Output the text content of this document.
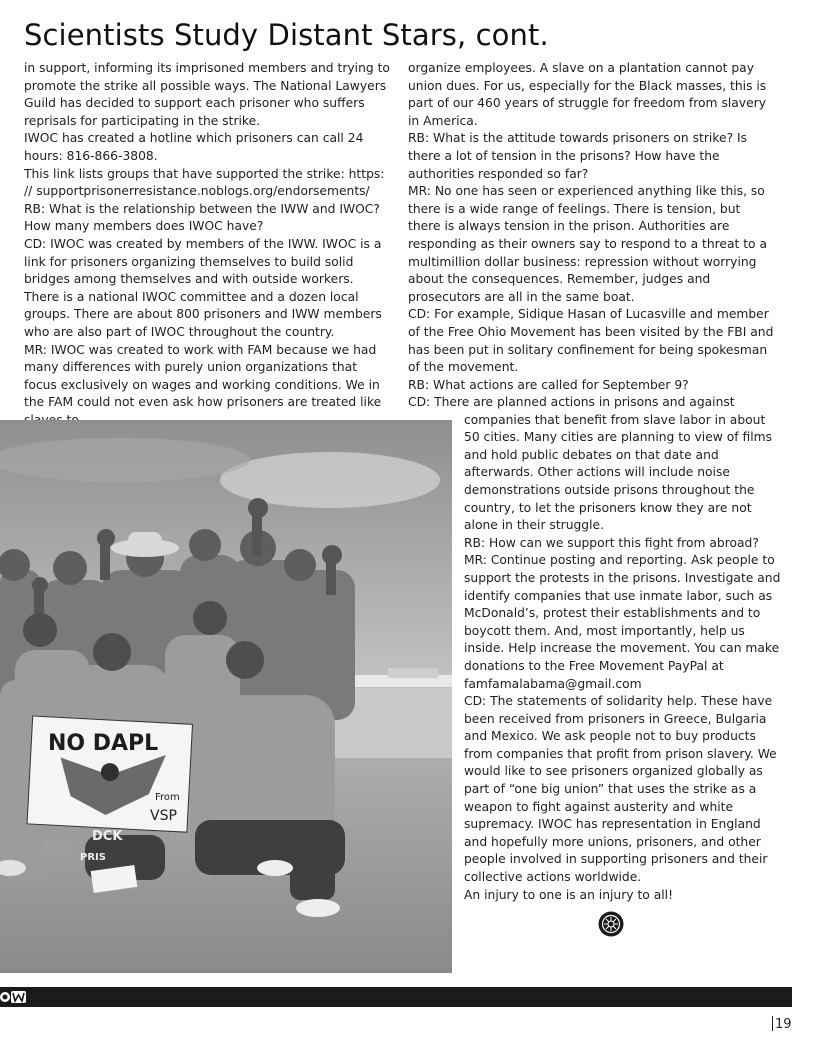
Scientists Study Distant Stars, cont.

in support, informing its imprisoned members and trying to promote the strike all possible ways. The National Lawyers Guild has decided to support each prisoner who suffers reprisals for participating in the strike.

IWOC has created a hotline which prisoners can call 24 hours: 816-866-3808.

This link lists groups that have supported the strike: https: // supportprisonerresistance.noblogs.org/endorsements/

RB: What is the relationship between the IWW and IWOC? How many members does IWOC have?

CD: IWOC was created by members of the IWW. IWOC is a link for prisoners organizing themselves to build solid bridges among themselves and with outside workers. There is a national IWOC committee and a dozen local groups. There are about 800 prisoners and IWW members who are also part of IWOC throughout the country.

MR: IWOC was created to work with FAM because we had many differences with purely union organizations that focus exclusively on wages and working conditions. We in the FAM could not even ask how prisoners are treated like

organize employees. A slave on a plantation cannot pay union dues. For us, especially for the Black masses, this is part of our 460 years of struggle for freedom from slavery in America.

RB: What is the attitude towards prisoners on strike? Is there a lot of tension in the prisons? How have the authorities responded so far?

MR: No one has seen or experienced anything like this, so there is a wide range of feelings. There is tension, but there is always tension in the prison. Authorities are responding as their owners say to respond to a threat to a multimillion dollar business: repression without worrying about the consequences. Remember, judges and prosecutors are all in the same boat.

CD: For example, Sidique Hasan of Lucasville and member of the Free Ohio Movement has been visited by the FBI and has been put in solitary confinement for being spokesman of the movement.

RB: What actions are called for September 9?

CD: There are planned actions in prisons and against companies that benefit from slave labor in about 50 cities. Many cities are planning to view of films and hold public debates on that date and afterwards. Other actions will include noise demonstrations outside prisons throughout the country, to let the prisoners know they are not alone in their struggle.

RB: How can we support this fight from abroad?

MR: Continue posting and reporting. Ask people to support the protests in the prisons. Investigate and identify companies that use inmate labor, such as McDonald’s, protest their establishments and to boycott them. And, most importantly, help us inside. Help increase the movement. You can make donations to the Free Movement PayPal at famfamalabama@gmail.com

CD: The statements of solidarity help. These have been received from prisoners in Greece, Bulgaria and Mexico. We ask people not to buy products from companies that profit from prison slavery. We would like to see prisoners organized globally as part of “one big union” that uses the strike as a weapon to fight against austerity and white supremacy. IWOC has representation in England and hopefully more unions, prisoners, and other people involved in supporting prisoners and their collective actions worldwide.

An injury to one is an injury to all!

NO DAPL
From
VSP
DCK
PRIS
19
